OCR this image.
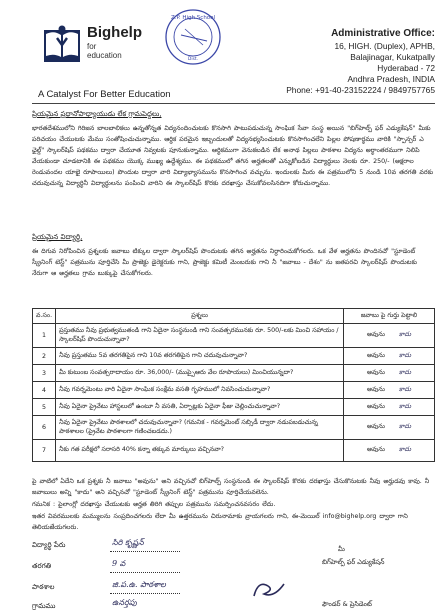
Bighelp
for education
A Catalyst For Better Education
Z.P. High School
Dist.
Administrative Office:
16, HIGH. (Duplex), APHB,
Balajinagar, Kukatpally
Hyderabad - 72
Andhra Pradesh, INDIA
Phone: +91-40-23152224 / 9849757765
ప్రియమైన ప్రధానోపాధ్యాయుడు లేక గ్రామపెద్దలు,
భారతదేశములోని గిరిజన బాలబాలికలు ఉన్నతోన్నత విద్యనందించుటకు కొనసాగి పాటుపడుచున్న సాంఘిక సేవా సంస్థ అయిన "బిగ్‌హెల్ప్ ఫర్ ఎడ్యుకేషన్" మీకు పరిచయం చేయుటకు మేము సంతోషించుచున్నాము. ఆర్థిక పరమైన ఇబ్బందులతో విద్యనభ్యసించుటకు కొనసాగించలేని పిల్లల పోషణార్థము వారికి "స్పాన్సర్ ఎ ఛైల్డ్" స్కాలర్‌షిప్ పథకము ద్వారా చేయూత నివ్వటకు పూనుకున్నాము. ఆర్థికముగా వెనుకబడిన లేక అనాథ పిల్లలు పాఠశాల విద్యను అర్థాంతరముగా నిలిపి వేయకుండా చూడటానికి ఈ పథకము యొక్క ముఖ్య ఉద్దేశ్యము. ఈ పథకములో తగిన అర్హతలతో ఎన్నుకోబడిన విద్యార్థులు నెలకు రూ. 250/- (అక్షరాల రెండువందల యాభై రూపాయిలు) పొందుట ద్వారా వారి విద్యాభ్యాసమును కొనసాగించ వచ్చును. ఇందులకు మీరు ఈ పత్రములోని 5 నుండి 10వ తరగతి వరకు చదువుచున్న విద్యార్థినీ విద్యార్థులను పంపించి వారిని ఈ స్కాలర్‌షిప్ కొరకు దరఖాస్తు చేసుకోవలసినదిగా కోరుచున్నాము.
ప్రియమైన విద్యార్థి,
ఈ దిగువ నిరోపించిన ప్రశ్నలకు జవాబు టిక్కుల ద్వారా స్కాలర్‌షిప్ పొందుటకు తగిన అర్హతను నిర్ధారించుకోగలరు. ఒక వేళ అర్హతను పొందినచో "స్టూడెంట్ స్క్రీనింగ్ టెస్ట్" పత్రమును పూర్తిచేసి మీ ప్రాజెక్టు డైరెక్టరుకు గాని, ప్రాజెక్టు కమిటీ మెంబరుకు గాని నీ "జవాబు - దేశం" ను జతపరచి స్కాలర్‌షిప్ పొందుటకు నేరుగా ఆ అర్హతలు గ్రామ బుక్కుపై చేసుకోగలరు.
వ.సం.	ప్రశ్నలు	జవాబు పై గుర్తు పెట్టాలి
1	ప్రస్తుతము నీవు ప్రభుత్వముతండి గాని ఏదైనా సంస్థనుండి గాని సంవత్సరమునకు రూ. 500/-లకు మించి సహాయం / స్కాలర్‌షిప్ పొందుచున్నావా?	అవును కాదు
2	నీవు ప్రస్తుతము 5వ తరగతిపైన గాని 10వ తరగతిపైన గాని చదువుచున్నావా?	అవును కాదు
3	మీ కుటుంబ సంవత్సరాదాయం రూ. 36,000/- (ముప్పైఆరు వేల రూపాయలు) మించియున్నదా?	అవును కాదు
4	నీవు గవర్నమెంటు వారి ఏదైనా సాంఘిక సంక్షేమ వసతి గృహములో నివసించుచున్నావా?	అవును కాదు
5	నీవు ఏదైనా ప్రైవేటు హాస్టలులో ఉంటూ నీ వసతి, ఏర్పాట్లకు ఏదైనా ఫీజు చెల్లించుచున్నావా?	అవును కాదు
6	నీవు ఏదైనా ప్రైవేటు పాఠశాలలో చదువుచున్నావా? (గమనిక - గవర్నమెంట్ సబ్సిడీ ద్వారా నడుపబడుచున్న పాఠశాలల (ప్రైవేట పాఠశాలగా గణించబడదు.)	అవును కాదు
7	నీకు గత పరీక్షలో సరాసరి 40% కన్నా తక్కువ మార్కులు వచ్చినవా?	అవును కాదు
పై వాటిలో ఏదేని ఒక ప్రశ్నకు నీ జవాబు "అవును" అని వచ్చినచో బిగ్‌హెల్ప్ సంస్థనుండి ఈ స్కాలర్‌షిప్ కొరకు దరఖాస్తు చేసుకొనుటకు నీవు అర్హుడవు కావు. నీ జవాబులు అన్ని "కాదు" అని వచ్చినచో "స్టూడెంట్ స్క్రీనింగ్ టెస్ట్" పత్రమును పూర్తిచేయవలెను.
గమనిక : పైలాంగ్లో దరఖాస్తు చేయుటకు అర్హత తిరిగి తప్పుల పత్రమును సమర్పించనవసరం లేదు.
ఇతర వివరములకు మమ్ములను సంప్రదించగలరు లేదా మీ ఉత్తరమును చిరునామాకు వ్రాయగలరు గాని, ఈ-మెయిల్ info@bighelp.org ద్వారా గాని తెలియజేయగలరు.
విద్యార్థి పేరు	సిరి కృష్ణన్
తరగతి	9 వ
పాఠశాల	జి.ప.ఉ. పాఠశాల
గ్రామము	ఉనర్తపు
మీ
బిగ్‌హెల్ప్ ఫర్ ఎడ్యుకేషన్
ఫౌండర్ & ప్రెసిడెంట్
